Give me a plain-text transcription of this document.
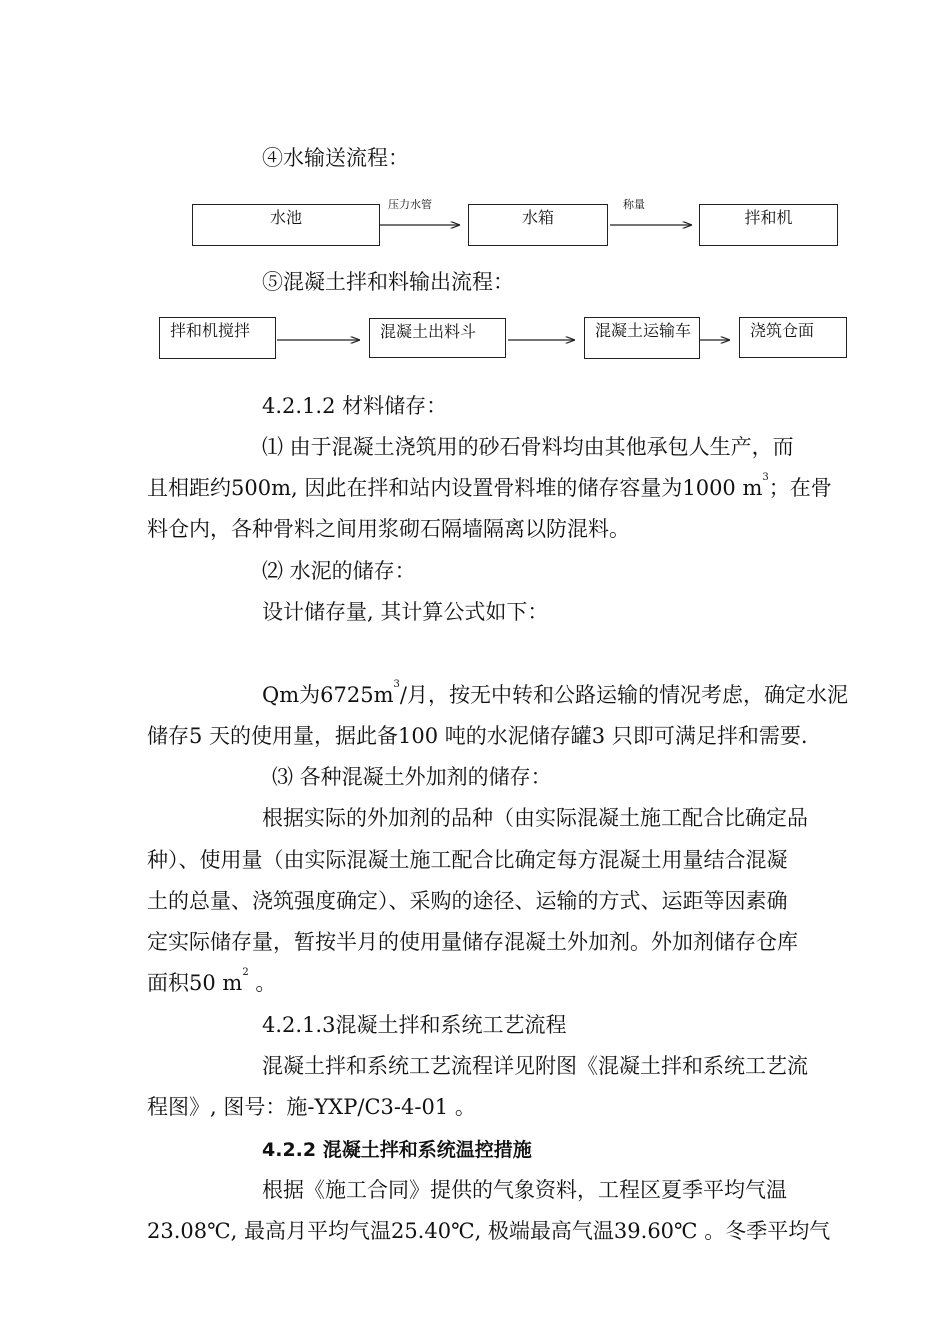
④水输送流程：
水池
压力水管
水箱
称量
拌和机
⑤混凝土拌和料输出流程：
拌和机搅拌	混凝土出料斗	混凝土运输车	浇筑仓面
4.2.1.2 材料储存：
⑴ 由于混凝土浇筑用的砂石骨料均由其他承包人生产，而
且相距约500m, 因此在拌和站内设置骨料堆的储存容量为1000 $m^3$；在骨
料仓内，各种骨料之间用浆砌石隔墙隔离以防混料。
⑵ 水泥的储存：
设计储存量, 其计算公式如下：
Qm为$6725m^3/$月，按无中转和公路运输的情况考虑，确定水泥
储存5 天的使用量，据此备100 吨的水泥储存罐3 只即可满足拌和需要.
⑶ 各种混凝土外加剂的储存：
根据实际的外加剂的品种（由实际混凝土施工配合比确定品
种）、使用量（由实际混凝土施工配合比确定每方混凝土用量结合混凝
土的总量、浇筑强度确定）、采购的途径、运输的方式、运距等因素确
定实际储存量，暂按半月的使用量储存混凝土外加剂。外加剂储存仓库
面积50 $m^2$ 。
4.2.1.3混凝土拌和系统工艺流程
混凝土拌和系统工艺流程详见附图《混凝土拌和系统工艺流
程图》, 图号：施-YXP/C3-4-01 。
4.2.2 混凝土拌和系统温控措施
根据《施工合同》提供的气象资料，工程区夏季平均气温
23.08℃, 最高月平均气温25.40℃, 极端最高气温39.60℃ 。冬季平均气
